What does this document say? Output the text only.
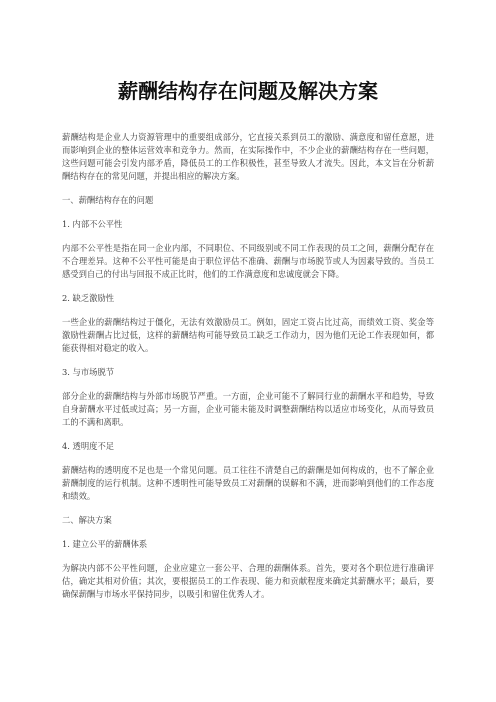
薪酬结构存在问题及解决方案

薪酬结构是企业人力资源管理中的重要组成部分，它直接关系到员工的激励、满意度和留任意愿，进而影响到企业的整体运营效率和竞争力。然而，在实际操作中，不少企业的薪酬结构存在一些问题，这些问题可能会引发内部矛盾，降低员工的工作积极性，甚至导致人才流失。因此，本文旨在分析薪酬结构存在的常见问题，并提出相应的解决方案。

一、薪酬结构存在的问题

1. 内部不公平性

内部不公平性是指在同一企业内部，不同职位、不同级别或不同工作表现的员工之间，薪酬分配存在不合理差异。这种不公平性可能是由于职位评估不准确、薪酬与市场脱节或人为因素导致的。当员工感受到自己的付出与回报不成正比时，他们的工作满意度和忠诚度就会下降。

2. 缺乏激励性

一些企业的薪酬结构过于僵化，无法有效激励员工。例如，固定工资占比过高，而绩效工资、奖金等激励性薪酬占比过低，这样的薪酬结构可能导致员工缺乏工作动力，因为他们无论工作表现如何，都能获得相对稳定的收入。

3. 与市场脱节

部分企业的薪酬结构与外部市场脱节严重。一方面，企业可能不了解同行业的薪酬水平和趋势，导致自身薪酬水平过低或过高；另一方面，企业可能未能及时调整薪酬结构以适应市场变化，从而导致员工的不满和离职。

4. 透明度不足

薪酬结构的透明度不足也是一个常见问题。员工往往不清楚自己的薪酬是如何构成的，也不了解企业薪酬制度的运行机制。这种不透明性可能导致员工对薪酬的误解和不满，进而影响到他们的工作态度和绩效。

二、解决方案

1. 建立公平的薪酬体系

为解决内部不公平性问题，企业应建立一套公平、合理的薪酬体系。首先，要对各个职位进行准确评估，确定其相对价值；其次，要根据员工的工作表现、能力和贡献程度来确定其薪酬水平；最后，要确保薪酬与市场水平保持同步，以吸引和留住优秀人才。
